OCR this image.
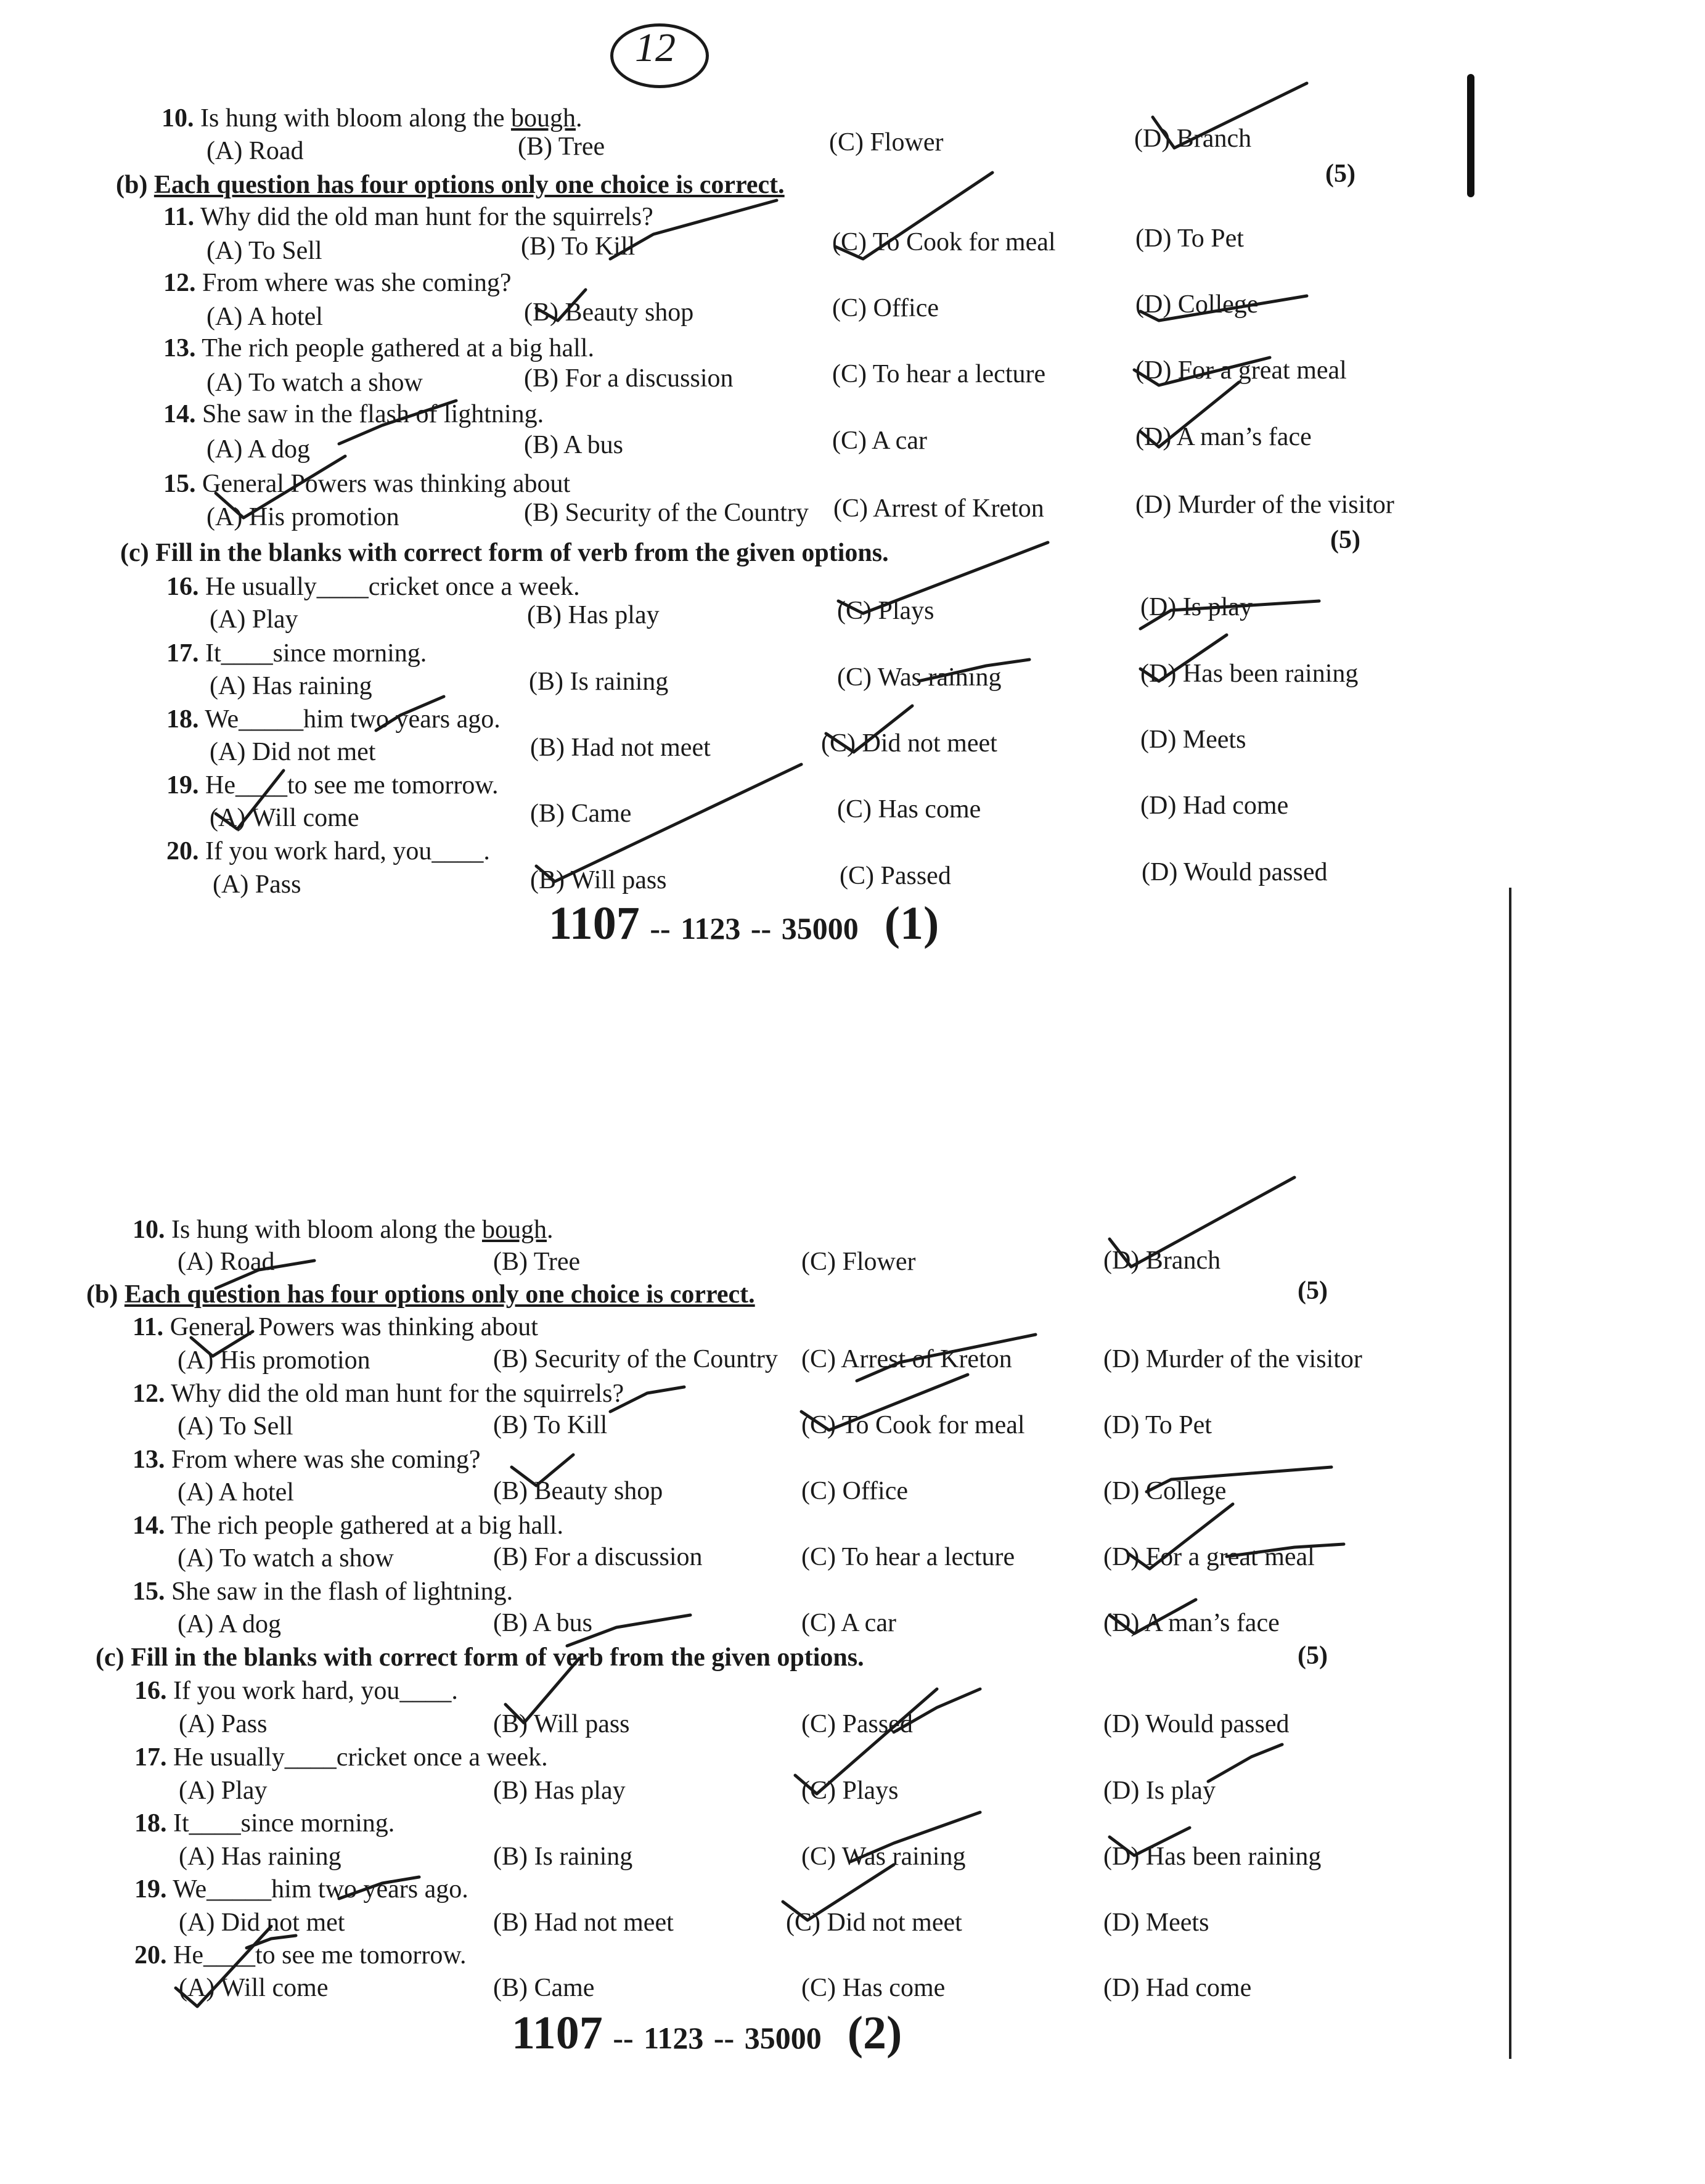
12
10. Is hung with bloom along the bough.
(A) Road	(B) Tree	(C) Flower	(D) Branch
(b) Each question has four options only one choice is correct.	(5)
11. Why did the old man hunt for the squirrels?
(A) To Sell	(B) To Kill	(C) To Cook for meal	(D) To Pet
12. From where was she coming?
(A) A hotel	(B) Beauty shop	(C) Office	(D) College
13. The rich people gathered at a big hall.
(A) To watch a show	(B) For a discussion	(C) To hear a lecture	(D) For a great meal
14. She saw in the flash of lightning.
(A) A dog	(B) A bus	(C) A car	(D) A man’s face
15. General Powers was thinking about
(A) His promotion	(B) Security of the Country (C) Arrest of Kreton	(D) Murder of the visitor
(c) Fill in the blanks with correct form of verb from the given options.	(5)
16. He usually____cricket once a week.
(A) Play	(B) Has play	(C) Plays	(D) Is play
17. It____since morning.
(A) Has raining	(B) Is raining	(C) Was raining	(D) Has been raining
18. We_____him two years ago.
(A) Did not met	(B) Had not meet	(C) Did not meet	(D) Meets
19. He____to see me tomorrow.
(A) Will come	(B) Came	(C) Has come	(D) Had come
20. If you work hard, you____.
(A) Pass	(B) Will pass	(C) Passed	(D) Would passed
1107 -- 1123 -- 35000 (1)
10. Is hung with bloom along the bough.
(A) Road	(B) Tree	(C) Flower	(D) Branch
(b) Each question has four options only one choice is correct.	(5)
11. General Powers was thinking about
(A) His promotion	(B) Security of the Country (C) Arrest of Kreton	(D) Murder of the visitor
12. Why did the old man hunt for the squirrels?
(A) To Sell	(B) To Kill	(C) To Cook for meal	(D) To Pet
13. From where was she coming?
(A) A hotel	(B) Beauty shop	(C) Office	(D) College
14. The rich people gathered at a big hall.
(A) To watch a show	(B) For a discussion	(C) To hear a lecture	(D) For a great meal
15. She saw in the flash of lightning.
(A) A dog	(B) A bus	(C) A car	(D) A man’s face
(c) Fill in the blanks with correct form of verb from the given options.	(5)
16. If you work hard, you____.
(A) Pass	(B) Will pass	(C) Passed	(D) Would passed
17. He usually____cricket once a week.
(A) Play	(B) Has play	(C) Plays	(D) Is play
18. It____since morning.
(A) Has raining	(B) Is raining	(C) Was raining	(D) Has been raining
19. We_____him two years ago.
(A) Did not met	(B) Had not meet	(C) Did not meet	(D) Meets
20. He____to see me tomorrow.
(A) Will come	(B) Came	(C) Has come	(D) Had come
1107 -- 1123 -- 35000 (2)
